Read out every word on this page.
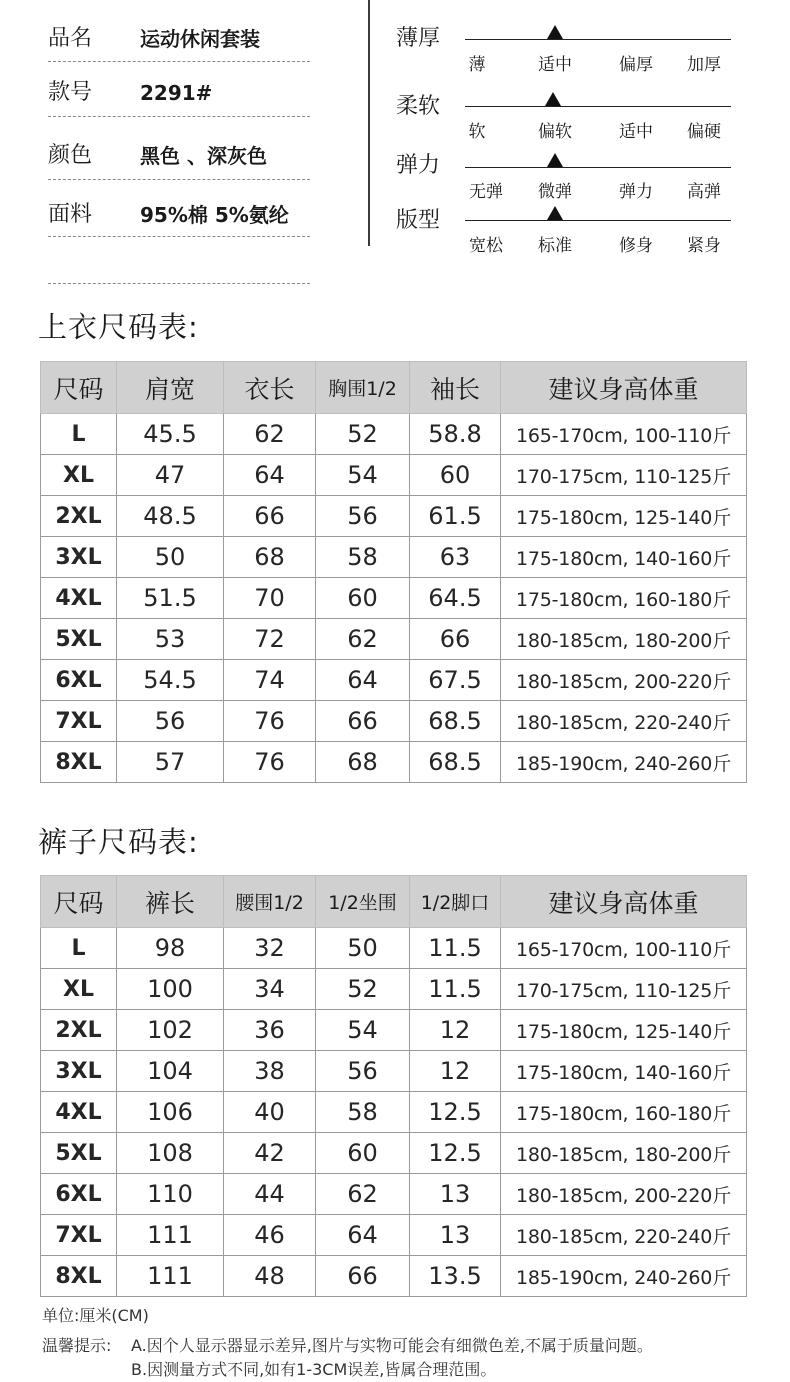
品名 运动休闲套装
款号 2291#
颜色 黑色 、深灰色
面料 95%棉 5%氨纶
薄厚
薄	适中	偏厚	加厚
柔软
软	偏软	适中	偏硬
弹力
无弹	微弹	弹力	高弹
版型
宽松	标准	修身	紧身
上衣尺码表:
尺码	肩宽	衣长	胸围1/2	袖长	建议身高体重
L	45.5	62	52	58.8	165-170cm, 100-110斤
XL	47	64	54	60	170-175cm, 110-125斤
2XL	48.5	66	56	61.5	175-180cm, 125-140斤
3XL	50	68	58	63	175-180cm, 140-160斤
4XL	51.5	70	60	64.5	175-180cm, 160-180斤
5XL	53	72	62	66	180-185cm, 180-200斤
6XL	54.5	74	64	67.5	180-185cm, 200-220斤
7XL	56	76	66	68.5	180-185cm, 220-240斤
8XL	57	76	68	68.5	185-190cm, 240-260斤
裤子尺码表:
尺码	裤长	腰围1/2	1/2坐围	1/2脚口	建议身高体重
L	98	32	50	11.5	165-170cm, 100-110斤
XL	100	34	52	11.5	170-175cm, 110-125斤
2XL	102	36	54	12	175-180cm, 125-140斤
3XL	104	38	56	12	175-180cm, 140-160斤
4XL	106	40	58	12.5	175-180cm, 160-180斤
5XL	108	42	60	12.5	180-185cm, 180-200斤
6XL	110	44	62	13	180-185cm, 200-220斤
7XL	111	46	64	13	180-185cm, 220-240斤
8XL	111	48	66	13.5	185-190cm, 240-260斤
单位:厘米(CM)
温馨提示: A.因个人显示器显示差异,图片与实物可能会有细微色差,不属于质量问题。
B.因测量方式不同,如有1-3CM误差,皆属合理范围。
